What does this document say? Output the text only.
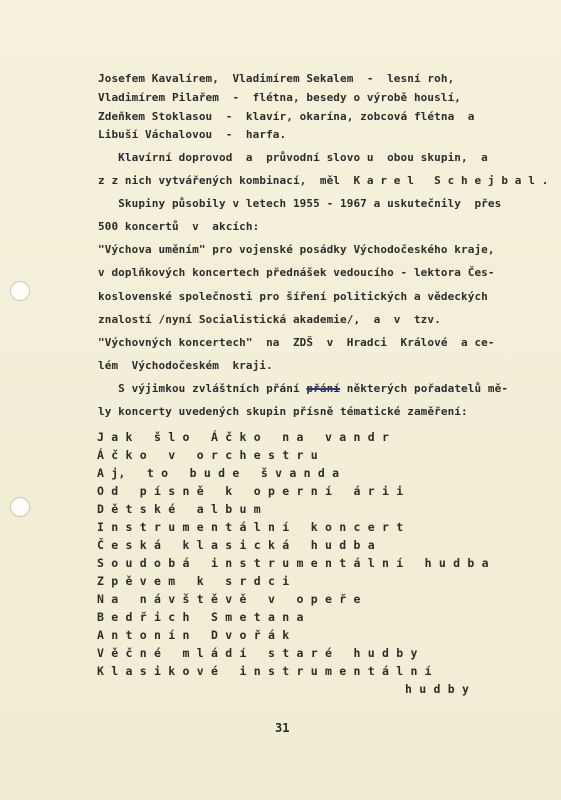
Josefem Kavalírem,  Vladimírem Sekalem  -  lesní roh,
Vladimírem Pilařem  -  flétna, besedy o výrobě houslí,
Zdeňkem Stoklasou  -  klavír, okarína, zobcová flétna  a
Libuší Váchalovou  -  harfa.
Klavírní doprovod  a  průvodní slovo u  obou skupin,  a
z z nich vytvářených kombinací,  měl  K a r e l   S c h e j b a l .
Skupiny působily v letech 1955 - 1967 a uskutečnily  přes
500 koncertů  v  akcích:
"Výchova uměním" pro vojenské posádky Východočeského kraje,
v doplňkových koncertech přednášek vedoucího - lektora Čes-
koslovenské společnosti pro šíření politických a vědeckých
znalostí /nyní Socialistická akademie/,  a  v  tzv.
"Výchovných koncertech"  na  ZDŠ  v  Hradci  Králové  a ce-
lém  Východočeském  kraji.
S výjimkou zvláštních přání přání některých pořadatelů mě-
ly koncerty uvedených skupin přísně tématické zaměření:
J a k   š l o   Á č k o   n a   v a n d r
Á č k o   v   o r c h e s t r u
A j,   t o   b u d e   š v a n d a
O d   p í s n ě   k   o p e r n í   á r i i
D ě t s k é   a l b u m
I n s t r u m e n t á l n í   k o n c e r t
Č e s k á   k l a s i c k á   h u d b a
S o u d o b á   i n s t r u m e n t á l n í   h u d b a
Z p ě v e m   k   s r d c i
N a   n á v š t ě v ě   v   o p e ř e
B e d ř i c h   S m e t a n a
A n t o n í n   D v o ř á k
V ě č n é   m l á d í   s t a r é   h u d b y
K l a s i k o v é   i n s t r u m e n t á l n í
h u d b y
31
